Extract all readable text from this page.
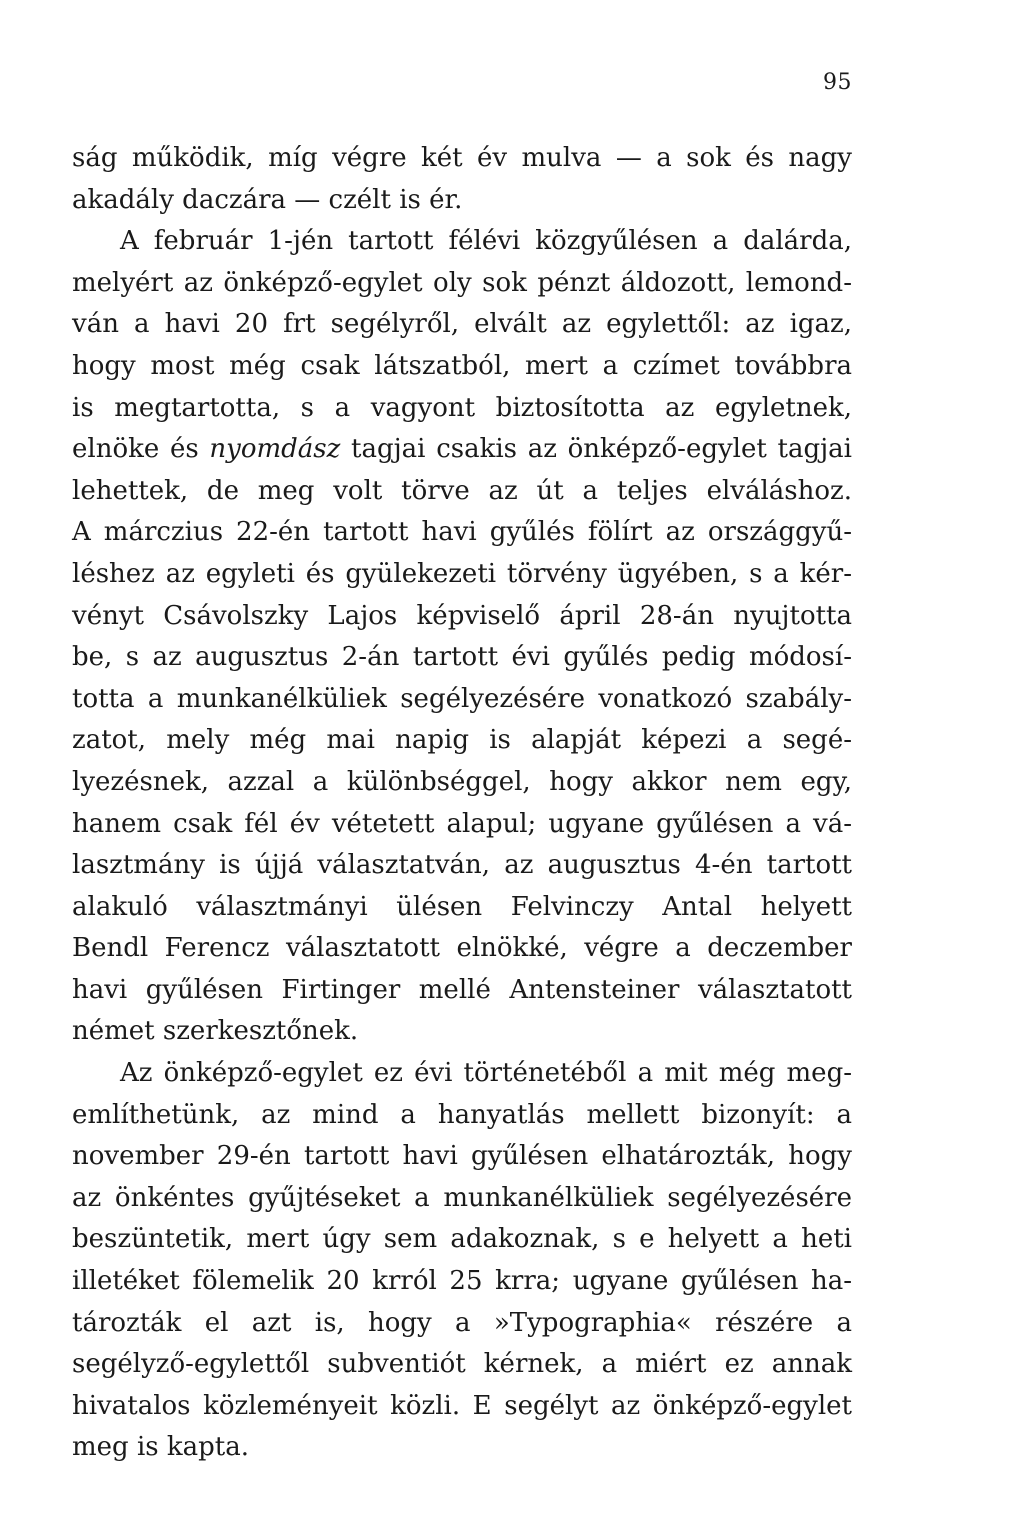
95
ság működik, míg végre két év mulva — a sok és nagy
akadály daczára — czélt is ér.
A február 1-jén tartott félévi közgyűlésen a dalárda,
melyért az önképző-egylet oly sok pénzt áldozott, lemond-
ván a havi 20 frt segélyről, elvált az egylettől: az igaz,
hogy most még csak látszatból, mert a czímet továbbra
is megtartotta, s a vagyont biztosította az egyletnek,
elnöke és nyomdász tagjai csakis az önképző-egylet tagjai
lehettek, de meg volt törve az út a teljes elváláshoz.
A márczius 22-én tartott havi gyűlés fölírt az országgyű-
léshez az egyleti és gyülekezeti törvény ügyében, s a kér-
vényt Csávolszky Lajos képviselő ápril 28-án nyujtotta
be, s az augusztus 2-án tartott évi gyűlés pedig módosí-
totta a munkanélküliek segélyezésére vonatkozó szabály-
zatot, mely még mai napig is alapját képezi a segé-
lyezésnek, azzal a különbséggel, hogy akkor nem egy,
hanem csak fél év vétetett alapul; ugyane gyűlésen a vá-
lasztmány is újjá választatván, az augusztus 4-én tartott
alakuló választmányi ülésen Felvinczy Antal helyett
Bendl Ferencz választatott elnökké, végre a deczember
havi gyűlésen Firtinger mellé Antensteiner választatott
német szerkesztőnek.
Az önképző-egylet ez évi történetéből a mit még meg-
említhetünk, az mind a hanyatlás mellett bizonyít: a
november 29-én tartott havi gyűlésen elhatározták, hogy
az önkéntes gyűjtéseket a munkanélküliek segélyezésére
beszüntetik, mert úgy sem adakoznak, s e helyett a heti
illetéket fölemelik 20 krról 25 krra; ugyane gyűlésen ha-
tározták el azt is, hogy a »Typographia« részére a
segélyző-egylettől subventiót kérnek, a miért ez annak
hivatalos közleményeit közli. E segélyt az önképző-egylet
meg is kapta.
